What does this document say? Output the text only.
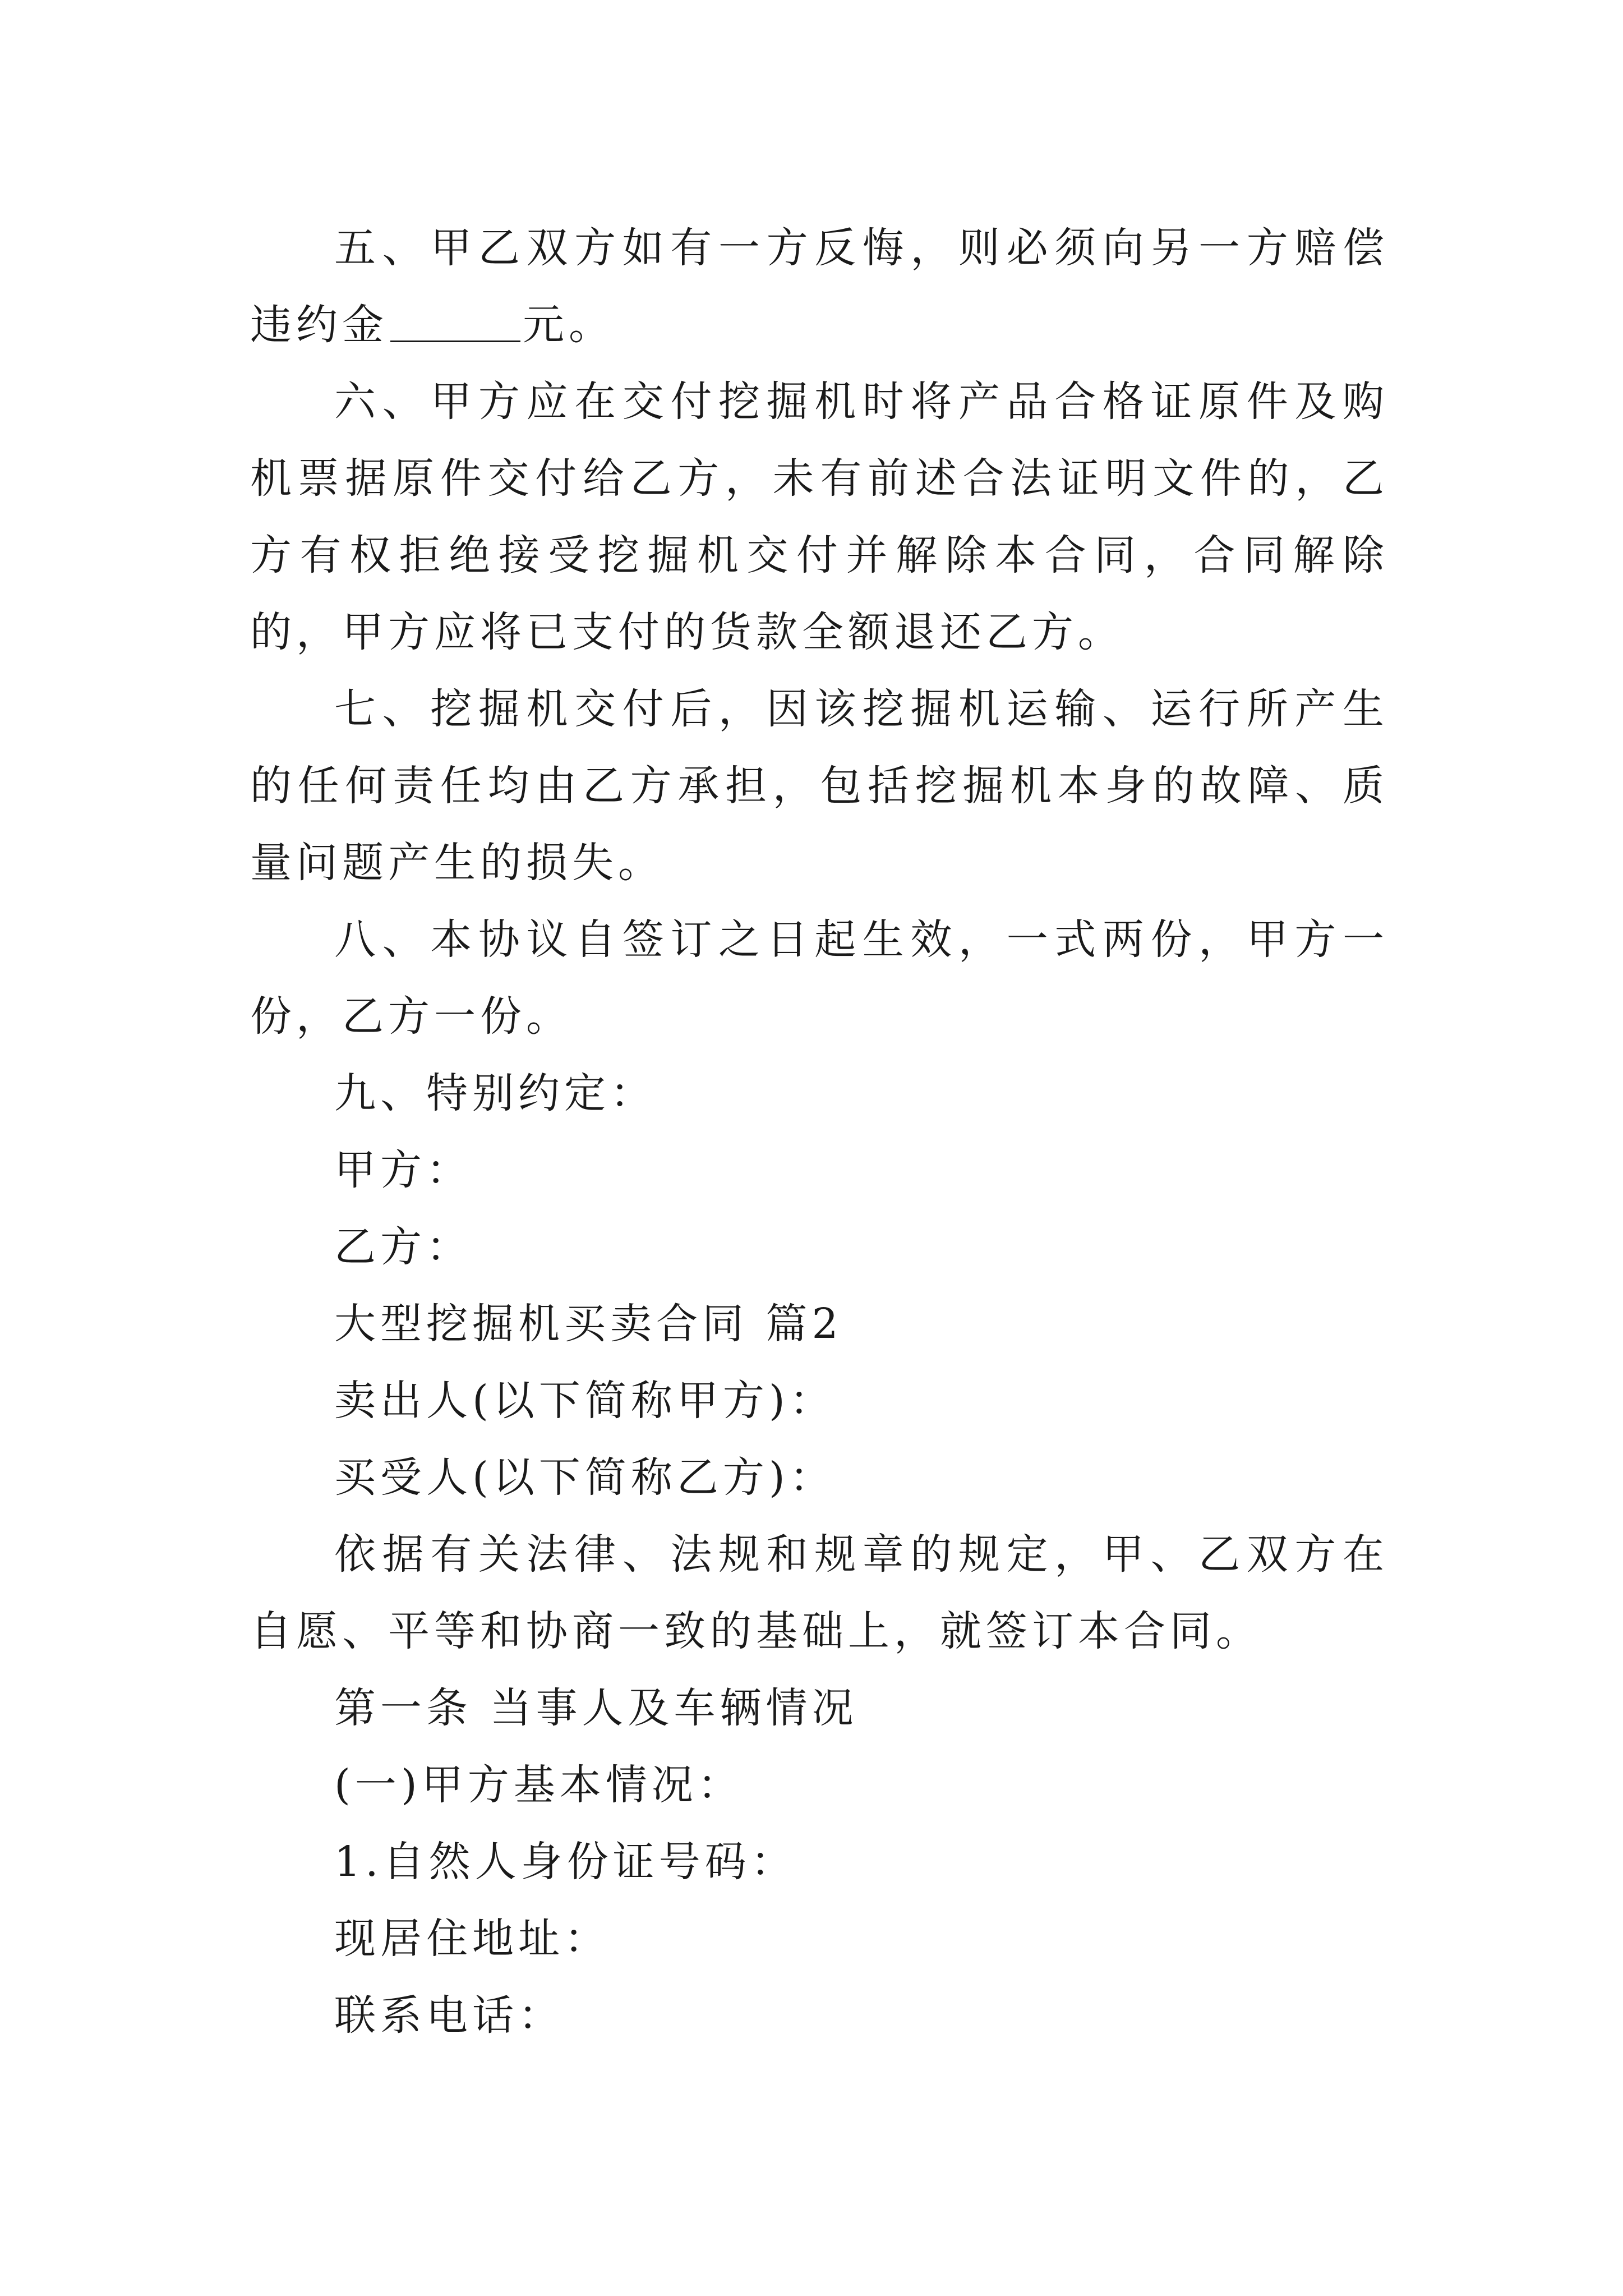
五、甲乙双方如有一方反悔，则必须向另一方赔偿违约金	元。

六、甲方应在交付挖掘机时将产品合格证原件及购机票据原件交付给乙方，未有前述合法证明文件的，乙方有权拒绝接受挖掘机交付并解除本合同，合同解除的，甲方应将已支付的货款全额退还乙方。

七、挖掘机交付后，因该挖掘机运输、运行所产生的任何责任均由乙方承担，包括挖掘机本身的故障、质量问题产生的损失。

八、本协议自签订之日起生效，一式两份，甲方一份，乙方一份。

九、特别约定：

甲方：

乙方：

大型挖掘机买卖合同 篇2

卖出人(以下简称甲方)：

买受人(以下简称乙方)：

依据有关法律、法规和规章的规定，甲、乙双方在自愿、平等和协商一致的基础上，就签订本合同。

第一条 当事人及车辆情况

(一)甲方基本情况：

1.自然人身份证号码：

现居住地址：

联系电话：
